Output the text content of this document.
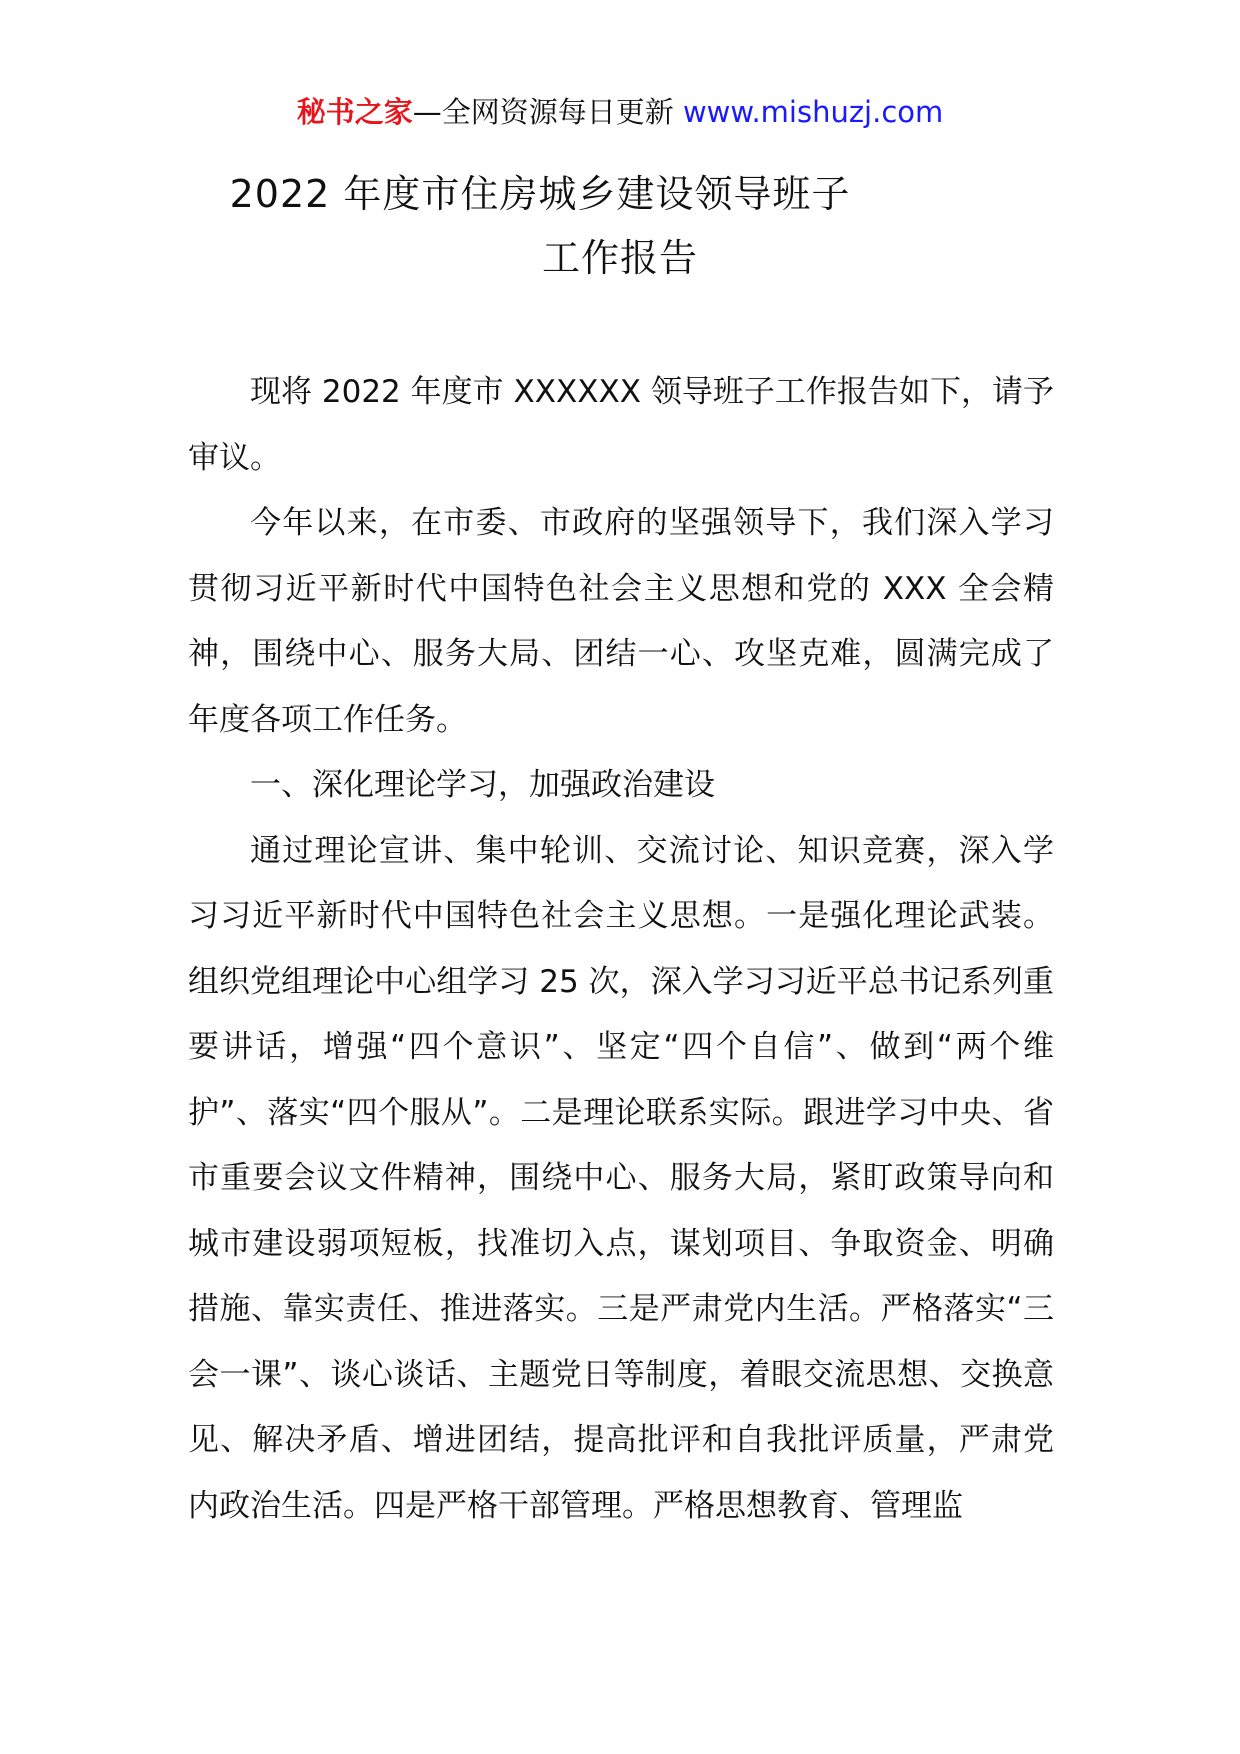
秘书之家—全网资源每日更新 www.mishuzj.com
2022 年度市住房城乡建设领导班子
工作报告

现将 2022 年度市 XXXXXX 领导班子工作报告如下，请予审议。

今年以来，在市委、市政府的坚强领导下，我们深入学习贯彻习近平新时代中国特色社会主义思想和党的 XXX 全会精神，围绕中心、服务大局、团结一心、攻坚克难，圆满完成了年度各项工作任务。

一、深化理论学习，加强政治建设

通过理论宣讲、集中轮训、交流讨论、知识竞赛，深入学习习近平新时代中国特色社会主义思想。一是强化理论武装。组织党组理论中心组学习 25 次，深入学习习近平总书记系列重要讲话，增强“四个意识”、坚定“四个自信”、做到“两个维护”、落实“四个服从”。二是理论联系实际。跟进学习中央、省市重要会议文件精神，围绕中心、服务大局，紧盯政策导向和城市建设弱项短板，找准切入点，谋划项目、争取资金、明确措施、靠实责任、推进落实。三是严肃党内生活。严格落实“三会一课”、谈心谈话、主题党日等制度，着眼交流思想、交换意见、解决矛盾、增进团结，提高批评和自我批评质量，严肃党内政治生活。四是严格干部管理。严格思想教育、管理监
